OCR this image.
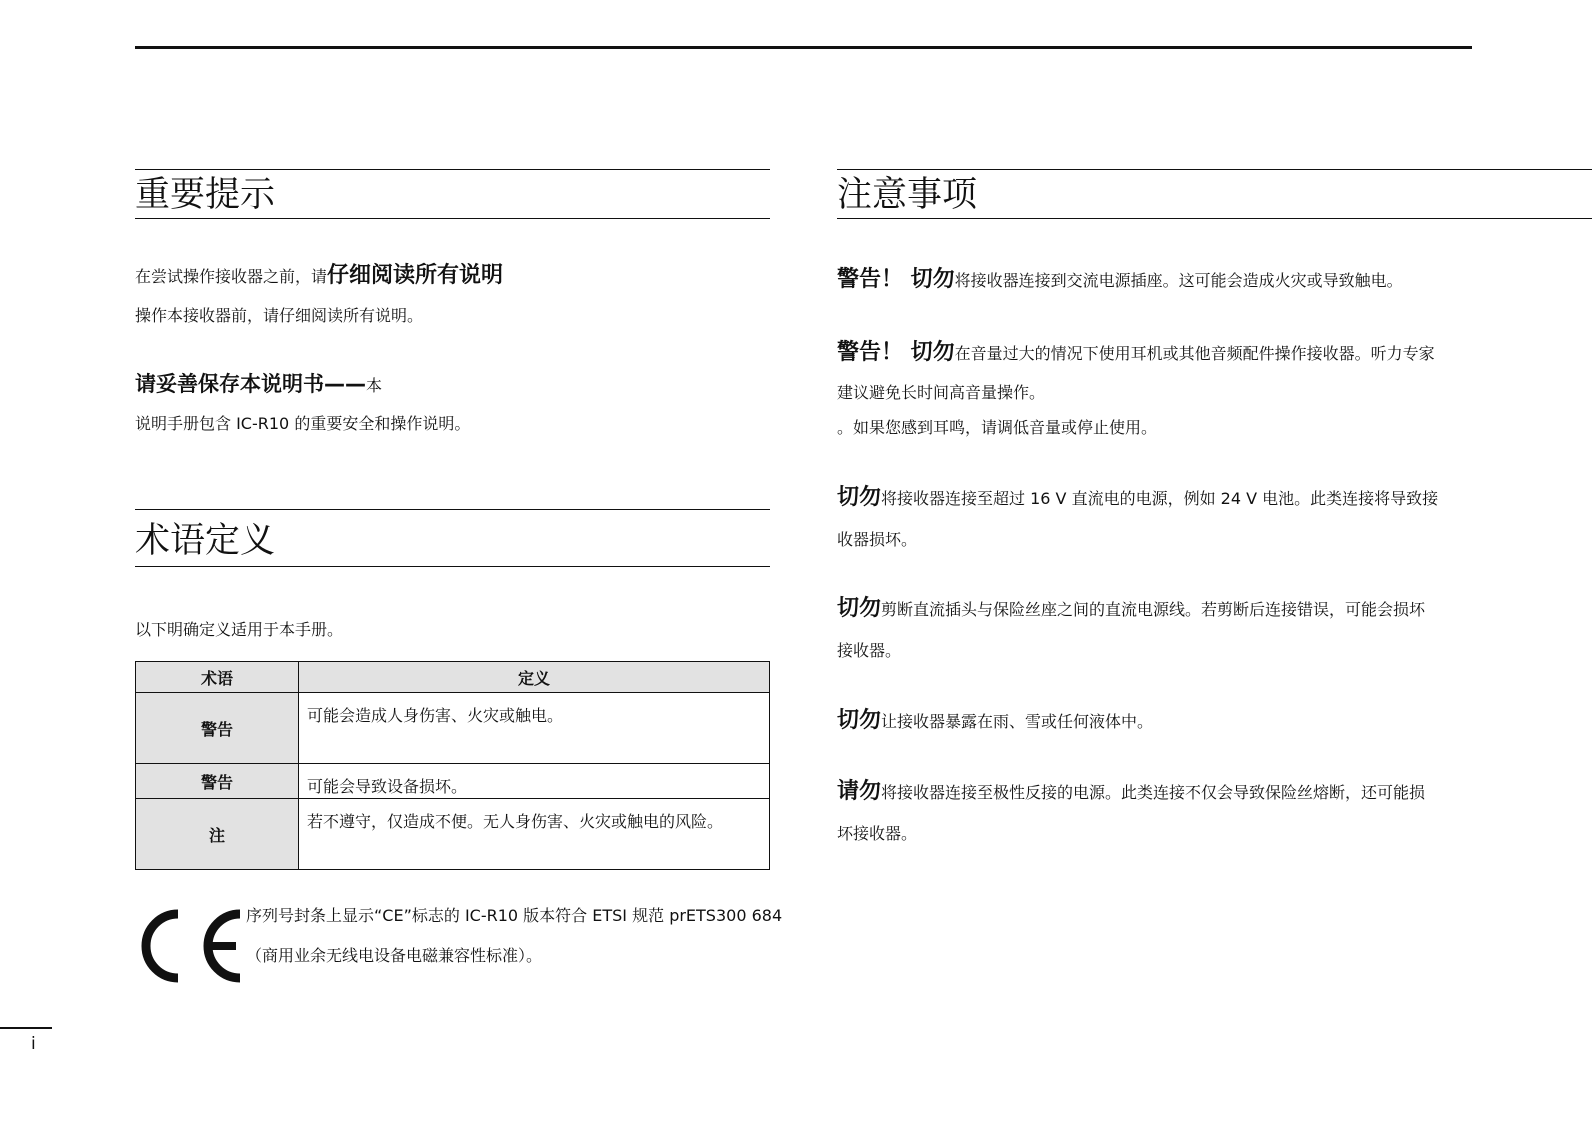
重要提示
在尝试操作接收器之前，请仔细阅读所有说明
操作本接收器前，请仔细阅读所有说明。
请妥善保存本说明书——本
说明手册包含 IC-R10 的重要安全和操作说明。
术语定义
以下明确定义适用于本手册。
术语	定义
警告	可能会造成人身伤害、火灾或触电。
警告	可能会导致设备损坏。
注	若不遵守，仅造成不便。无人身伤害、火灾或触电的风险。
序列号封条上显示“CE”标志的 IC-R10 版本符合 ETSI 规范 prETS300 684
（商用业余无线电设备电磁兼容性标准）。
注意事项
警告！ 切勿将接收器连接到交流电源插座。这可能会造成火灾或导致触电。
警告！ 切勿在音量过大的情况下使用耳机或其他音频配件操作接收器。听力专家
建议避免长时间高音量操作。
。如果您感到耳鸣，请调低音量或停止使用。
切勿将接收器连接至超过 16 V 直流电的电源，例如 24 V 电池。此类连接将导致接
收器损坏。
切勿剪断直流插头与保险丝座之间的直流电源线。若剪断后连接错误，可能会损坏
接收器。
切勿让接收器暴露在雨、雪或任何液体中。
请勿将接收器连接至极性反接的电源。此类连接不仅会导致保险丝熔断，还可能损
坏接收器。
i
